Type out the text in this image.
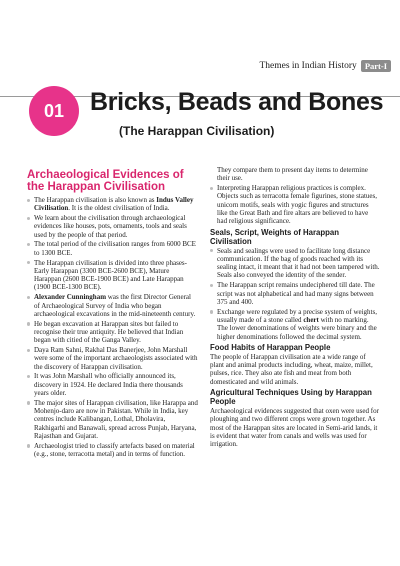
Themes in Indian History Part-I
01	Bricks, Beads and Bones
(The Harappan Civilisation)
Archaeological Evidences of the Harappan Civilisation
The Harappan civilisation is also known as Indus Valley Civilisation. It is the oldest civilisation of India.
We learn about the civilisation through archaeological evidences like houses, pots, ornaments, tools and seals used by the people of that period.
The total period of the civilisation ranges from 6000 BCE to 1300 BCE.
The Harappan civilisation is divided into three phases- Early Harappan (3300 BCE-2600 BCE), Mature Harappan (2600 BCE-1900 BCE) and Late Harappan (1900 BCE-1300 BCE).
Alexander Cunningham was the first Director General of Archaeological Survey of India who began archaeological excavations in the mid-nineteenth century.
He began excavation at Harappan sites but failed to recognise their true antiquity. He believed that Indian began with citied of the Ganga Valley.
Daya Ram Sahni, Rakhal Das Banerjee, John Marshall were some of the important archaeologists associated with the discovery of Harappan civilisation.
It was John Marshall who officially announced its, discovery in 1924. He declared India there thousands years older.
The major sites of Harappan civilisation, like Harappa and Mohenjo-daro are now in Pakistan. While in India, key centres include Kalibangan, Lothal, Dholavira, Rakhigarhi and Banawali, spread across Punjab, Haryana, Rajasthan and Gujarat.
Archaeologist tried to classify artefacts based on material (e.g., stone, terracotta metal) and in terms of function.

They compare them to present day items to determine their use.

Interpreting Harappan religious practices is complex. Objects such as terracotta female figurines, stone statues, unicorn motifs, seals with yogic figures and structures like the Great Bath and fire altars are believed to have had religious significance.
Seals, Script, Weights of Harappan Civilisation
Seals and sealings were used to facilitate long distance communication. If the bag of goods reached with its sealing intact, it meant that it had not been tampered with. Seals also conveyed the identity of the sender.
The Harappan script remains undeciphered till date. The script was not alphabetical and had many signs between 375 and 400.
Exchange were regulated by a precise system of weights, usually made of a stone called chert with no marking. The lower denominations of weights were binary and the higher denominations followed the decimal system.
Food Habits of Harappan People

The people of Harappan civilisation ate a wide range of plant and animal products including, wheat, maize, millet, pulses, rice. They also ate fish and meat from both domesticated and wild animals.

Agricultural Techniques Using by Harappan People

Archaeological evidences suggested that oxen were used for ploughing and two different crops were grown together. As most of the Harappan sites are located in Semi-arid lands, it is evident that water from canals and wells was used for irrigation.
